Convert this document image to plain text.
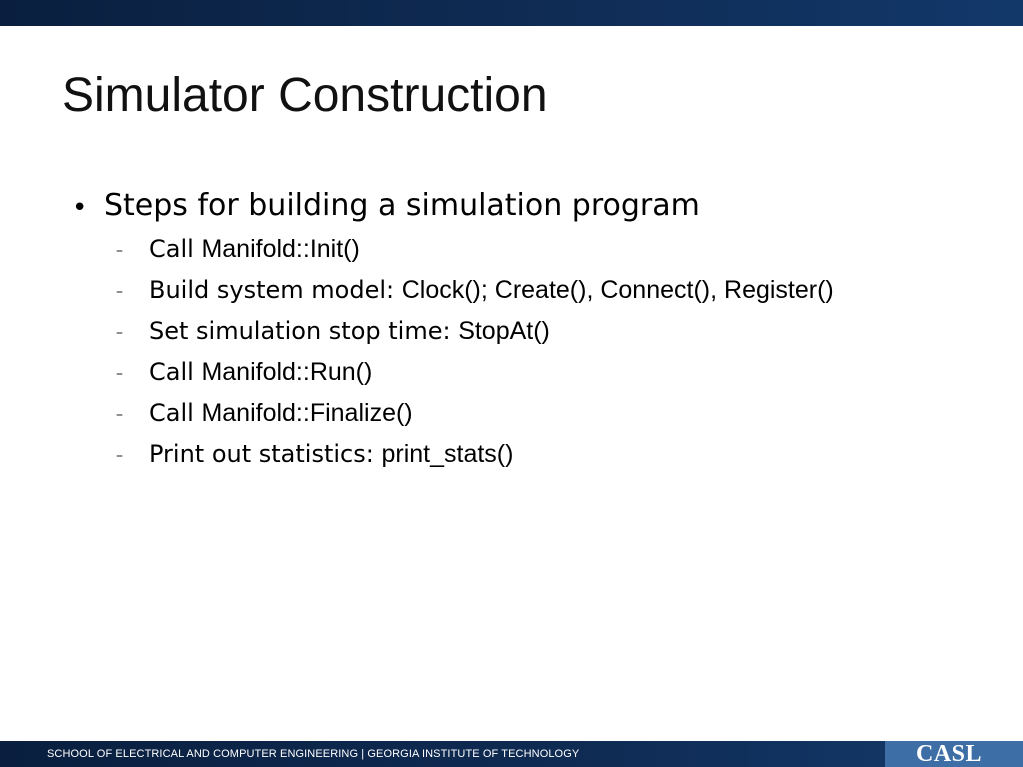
Simulator Construction
• Steps for building a simulation program
– Call Manifold::Init()
– Build system model: Clock(); Create(), Connect(), Register()
– Set simulation stop time: StopAt()
– Call Manifold::Run()
– Call Manifold::Finalize()
– Print out statistics: print_stats()
SCHOOL OF ELECTRICAL AND COMPUTER ENGINEERING | GEORGIA INSTITUTE OF TECHNOLOGY	CASL
